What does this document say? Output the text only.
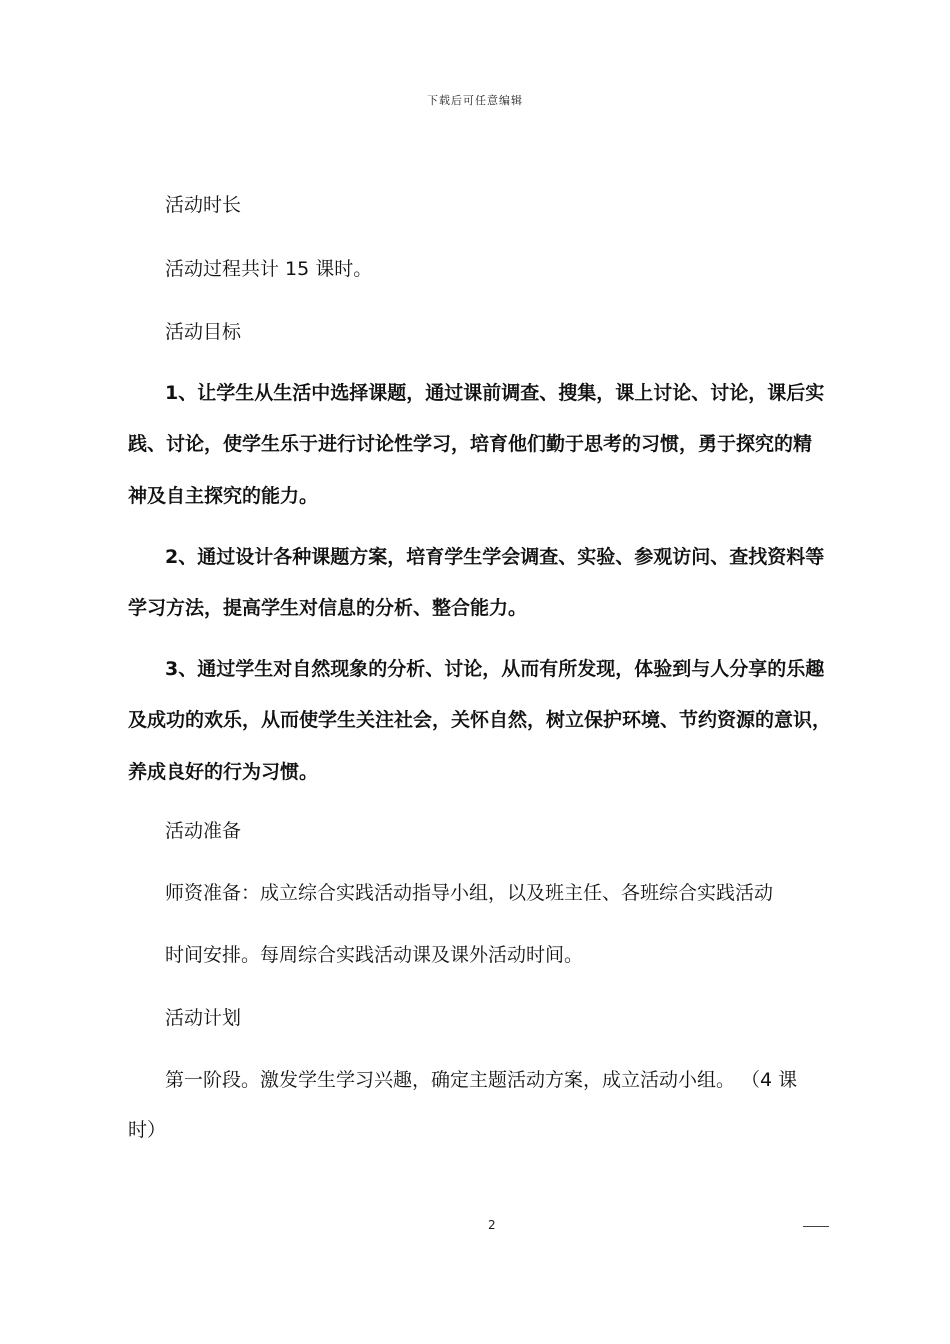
下载后可任意编辑
活动时长
活动过程共计 15 课时。
活动目标
1、让学生从生活中选择课题，通过课前调查、搜集，课上讨论、讨论，课后实
践、讨论，使学生乐于进行讨论性学习，培育他们勤于思考的习惯，勇于探究的精
神及自主探究的能力。
2、通过设计各种课题方案，培育学生学会调查、实验、参观访问、查找资料等
学习方法，提高学生对信息的分析、整合能力。
3、通过学生对自然现象的分析、讨论，从而有所发现，体验到与人分享的乐趣
及成功的欢乐，从而使学生关注社会，关怀自然，树立保护环境、节约资源的意识，
养成良好的行为习惯。
活动准备
师资准备：成立综合实践活动指导小组，以及班主任、各班综合实践活动
时间安排。每周综合实践活动课及课外活动时间。
活动计划
第一阶段。激发学生学习兴趣，确定主题活动方案，成立活动小组。 （4 课
时）
2
